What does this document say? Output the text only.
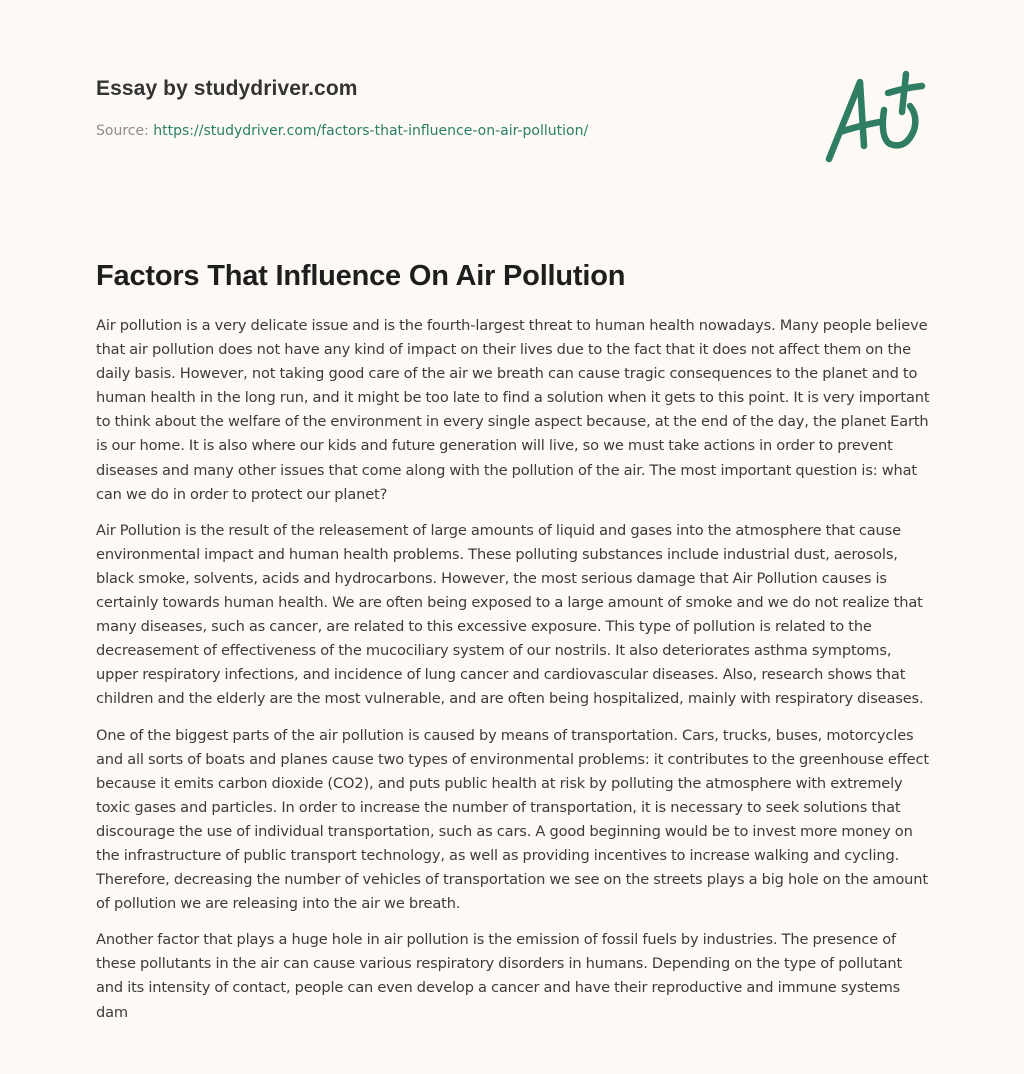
Essay by studydriver.com
Source: https://studydriver.com/factors-that-influence-on-air-pollution/
Factors That Influence On Air Pollution

Air pollution is a very delicate issue and is the fourth-largest threat to human health nowadays. Many people believe that air pollution does not have any kind of impact on their lives due to the fact that it does not affect them on the daily basis. However, not taking good care of the air we breath can cause tragic consequences to the planet and to human health in the long run, and it might be too late to find a solution when it gets to this point. It is very important to think about the welfare of the environment in every single aspect because, at the end of the day, the planet Earth is our home. It is also where our kids and future generation will live, so we must take actions in order to prevent diseases and many other issues that come along with the pollution of the air. The most important question is: what can we do in order to protect our planet?

Air Pollution is the result of the releasement of large amounts of liquid and gases into the atmosphere that cause environmental impact and human health problems. These polluting substances include industrial dust, aerosols, black smoke, solvents, acids and hydrocarbons. However, the most serious damage that Air Pollution causes is certainly towards human health. We are often being exposed to a large amount of smoke and we do not realize that many diseases, such as cancer, are related to this excessive exposure. This type of pollution is related to the decreasement of effectiveness of the mucociliary system of our nostrils. It also deteriorates asthma symptoms, upper respiratory infections, and incidence of lung cancer and cardiovascular diseases. Also, research shows that children and the elderly are the most vulnerable, and are often being hospitalized, mainly with respiratory diseases.

One of the biggest parts of the air pollution is caused by means of transportation. Cars, trucks, buses, motorcycles and all sorts of boats and planes cause two types of environmental problems: it contributes to the greenhouse effect because it emits carbon dioxide (CO2), and puts public health at risk by polluting the atmosphere with extremely toxic gases and particles. In order to increase the number of transportation, it is necessary to seek solutions that discourage the use of individual transportation, such as cars. A good beginning would be to invest more money on the infrastructure of public transport technology, as well as providing incentives to increase walking and cycling. Therefore, decreasing the number of vehicles of transportation we see on the streets plays a big hole on the amount of pollution we are releasing into the air we breath.

Another factor that plays a huge hole in air pollution is the emission of fossil fuels by industries. The presence of these pollutants in the air can cause various respiratory disorders in humans. Depending on the type of pollutant and its intensity of contact, people can even develop a cancer and have their reproductive and immune systems dam
